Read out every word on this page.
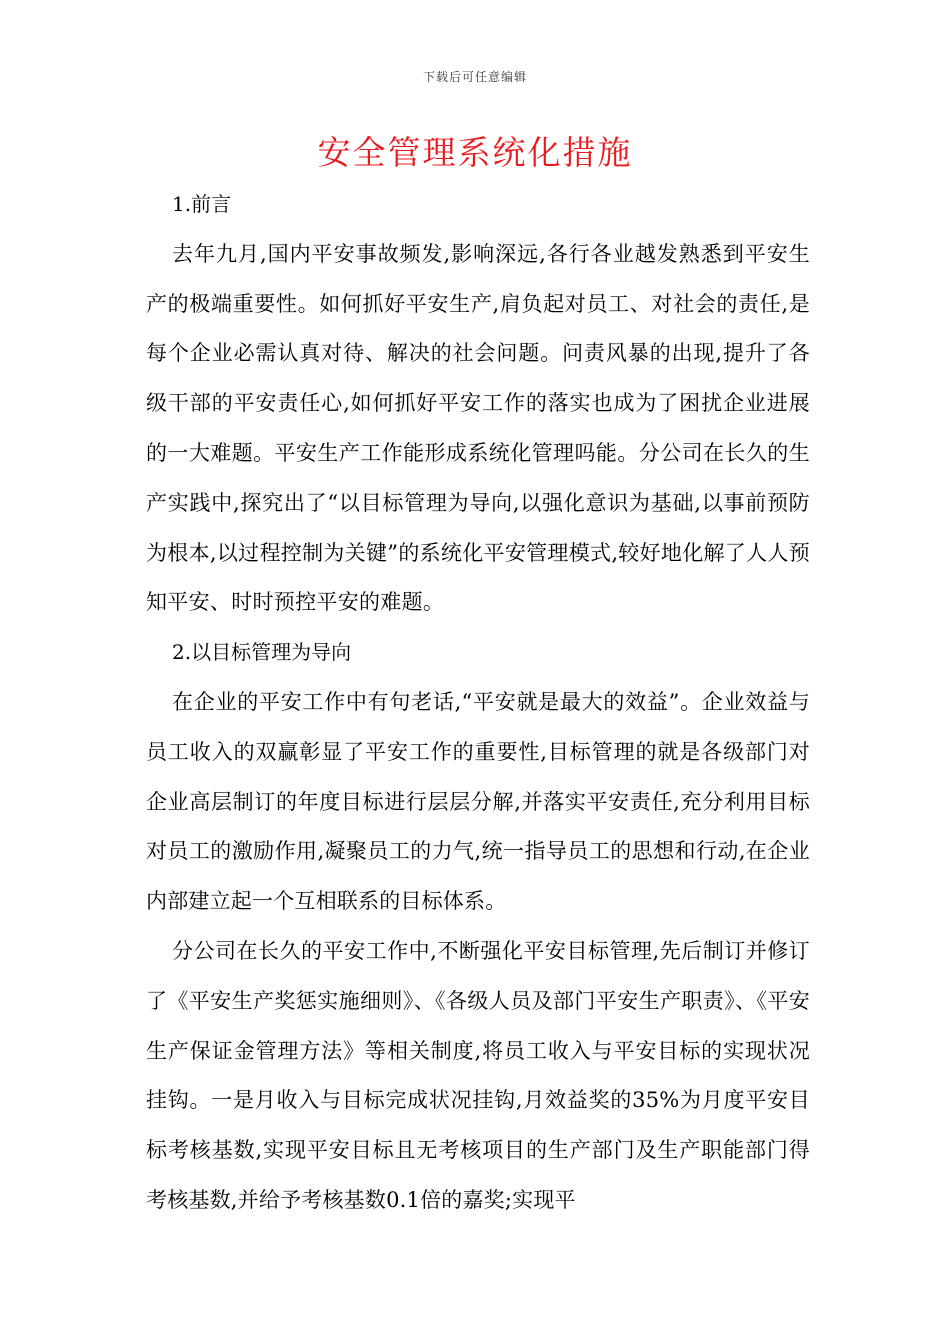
下载后可任意编辑
安全管理系统化措施
1.前言

去年九月,国内平安事故频发,影响深远,各行各业越发熟悉到平安生产的极端重要性。如何抓好平安生产,肩负起对员工、对社会的责任,是每个企业必需认真对待、解决的社会问题。问责风暴的出现,提升了各级干部的平安责任心,如何抓好平安工作的落实也成为了困扰企业进展的一大难题。平安生产工作能形成系统化管理吗能。分公司在长久的生产实践中,探究出了“以目标管理为导向,以强化意识为基础,以事前预防为根本,以过程控制为关键”的系统化平安管理模式,较好地化解了人人预知平安、时时预控平安的难题。

2.以目标管理为导向

在企业的平安工作中有句老话,“平安就是最大的效益”。企业效益与员工收入的双赢彰显了平安工作的重要性,目标管理的就是各级部门对企业高层制订的年度目标进行层层分解,并落实平安责任,充分利用目标对员工的激励作用,凝聚员工的力气,统一指导员工的思想和行动,在企业内部建立起一个互相联系的目标体系。

分公司在长久的平安工作中,不断强化平安目标管理,先后制订并修订了《平安生产奖惩实施细则》、《各级人员及部门平安生产职责》、《平安生产保证金管理方法》等相关制度,将员工收入与平安目标的实现状况挂钩。一是月收入与目标完成状况挂钩,月效益奖的35%为月度平安目标考核基数,实现平安目标且无考核项目的生产部门及生产职能部门得考核基数,并给予考核基数0.1倍的嘉奖;实现平
